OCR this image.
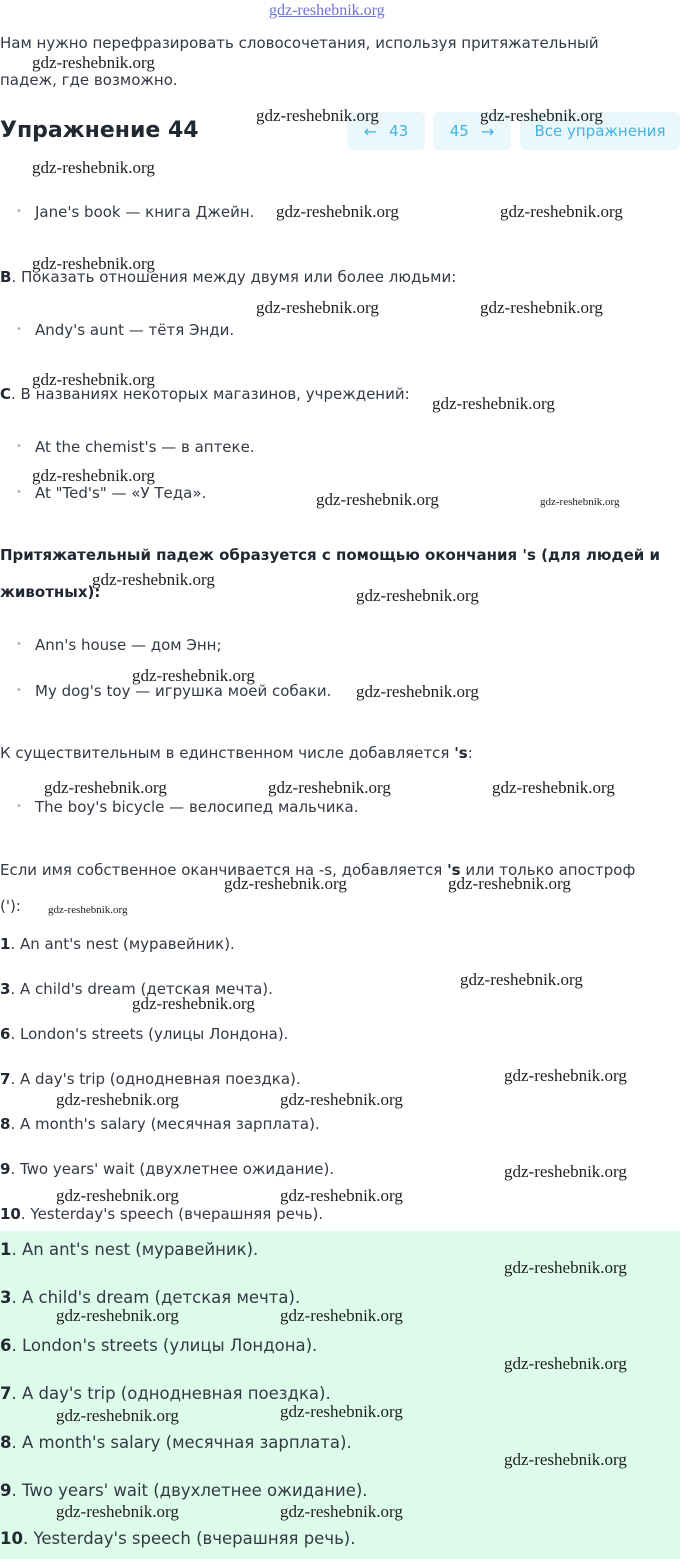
gdz-reshebnik.org
Нам нужно перефразировать словосочетания, используя притяжательный
падеж, где возможно.
Упражнение 44	← 43	45 →	Все упражнения
• Jane's book — книга Джейн.
B. Показать отношения между двумя или более людьми:
• Andy's aunt — тётя Энди.
C. В названиях некоторых магазинов, учреждений:
• At the chemist's — в аптеке.
• At "Ted's" — «У Теда».
Притяжательный падеж образуется с помощью окончания 's (для людей и
животных):
• Ann's house — дом Энн;
• My dog's toy — игрушка моей собаки.
К существительным в единственном числе добавляется 's:
• The boy's bicycle — велосипед мальчика.
Если имя собственное оканчивается на -s, добавляется 's или только апостроф
('):
1. An ant's nest (муравейник).
3. A child's dream (детская мечта).
6. London's streets (улицы Лондона).
7. A day's trip (однодневная поездка).
8. A month's salary (месячная зарплата).
9. Two years' wait (двухлетнее ожидание).
10. Yesterday's speech (вчерашняя речь).
1. An ant's nest (муравейник).
3. A child's dream (детская мечта).
6. London's streets (улицы Лондона).
7. A day's trip (однодневная поездка).
8. A month's salary (месячная зарплата).
9. Two years' wait (двухлетнее ожидание).
10. Yesterday's speech (вчерашняя речь).
gdz-reshebnik.org
gdz-reshebnik.org	gdz-reshebnik.org
gdz-reshebnik.org
gdz-reshebnik.org	gdz-reshebnik.org
gdz-reshebnik.org
gdz-reshebnik.org	gdz-reshebnik.org
gdz-reshebnik.org
gdz-reshebnik.org
gdz-reshebnik.org
gdz-reshebnik.org	gdz-reshebnik.org
gdz-reshebnik.org
gdz-reshebnik.org
gdz-reshebnik.org
gdz-reshebnik.org
gdz-reshebnik.org	gdz-reshebnik.org	gdz-reshebnik.org
gdz-reshebnik.org	gdz-reshebnik.org
gdz-reshebnik.org
gdz-reshebnik.org
gdz-reshebnik.org
gdz-reshebnik.org
gdz-reshebnik.org	gdz-reshebnik.org
gdz-reshebnik.org
gdz-reshebnik.org	gdz-reshebnik.org
gdz-reshebnik.org
gdz-reshebnik.org	gdz-reshebnik.org
gdz-reshebnik.org
gdz-reshebnik.org	gdz-reshebnik.org
gdz-reshebnik.org
gdz-reshebnik.org	gdz-reshebnik.org
